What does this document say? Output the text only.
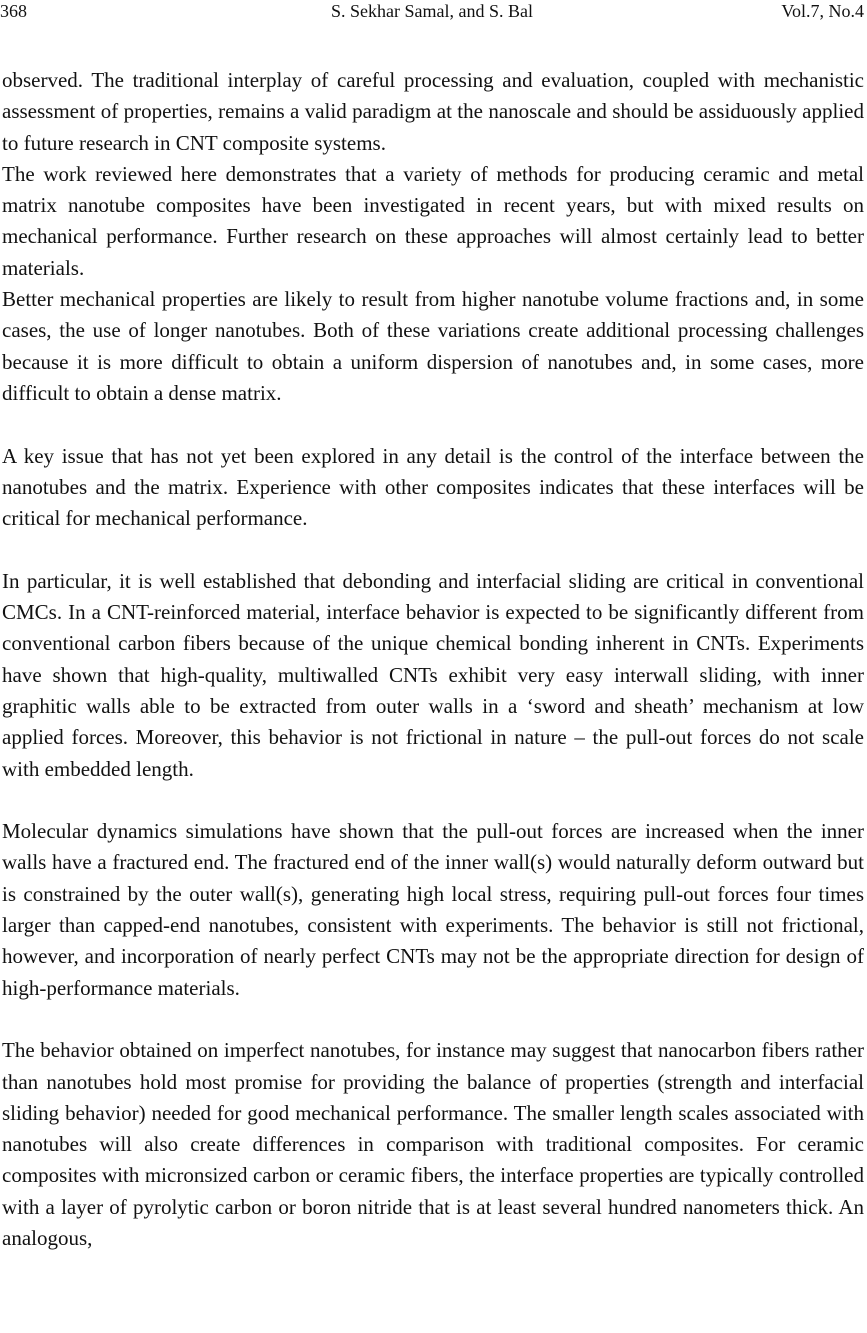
368	S. Sekhar Samal, and S. Bal	Vol.7, No.4

observed. The traditional interplay of careful processing and evaluation, coupled with mechanistic assessment of properties, remains a valid paradigm at the nanoscale and should be assiduously applied to future research in CNT composite systems.

The work reviewed here demonstrates that a variety of methods for producing ceramic and metal matrix nanotube composites have been investigated in recent years, but with mixed results on mechanical performance. Further research on these approaches will almost certainly lead to better materials.

Better mechanical properties are likely to result from higher nanotube volume fractions and, in some cases, the use of longer nanotubes. Both of these variations create additional processing challenges because it is more difficult to obtain a uniform dispersion of nanotubes and, in some cases, more difficult to obtain a dense matrix.

A key issue that has not yet been explored in any detail is the control of the interface between the nanotubes and the matrix. Experience with other composites indicates that these interfaces will be critical for mechanical performance.

In particular, it is well established that debonding and interfacial sliding are critical in conventional CMCs. In a CNT-reinforced material, interface behavior is expected to be significantly different from conventional carbon fibers because of the unique chemical bonding inherent in CNTs. Experiments have shown that high-quality, multiwalled CNTs exhibit very easy interwall sliding, with inner graphitic walls able to be extracted from outer walls in a ‘sword and sheath’ mechanism at low applied forces. Moreover, this behavior is not frictional in nature – the pull-out forces do not scale with embedded length.

Molecular dynamics simulations have shown that the pull-out forces are increased when the inner walls have a fractured end. The fractured end of the inner wall(s) would naturally deform outward but is constrained by the outer wall(s), generating high local stress, requiring pull-out forces four times larger than capped-end nanotubes, consistent with experiments. The behavior is still not frictional, however, and incorporation of nearly perfect CNTs may not be the appropriate direction for design of high-performance materials.

The behavior obtained on imperfect nanotubes, for instance may suggest that nanocarbon fibers rather than nanotubes hold most promise for providing the balance of properties (strength and interfacial sliding behavior) needed for good mechanical performance. The smaller length scales associated with nanotubes will also create differences in comparison with traditional composites. For ceramic composites with micronsized carbon or ceramic fibers, the interface properties are typically controlled with a layer of pyrolytic carbon or boron nitride that is at least several hundred nanometers thick. An analogous,
